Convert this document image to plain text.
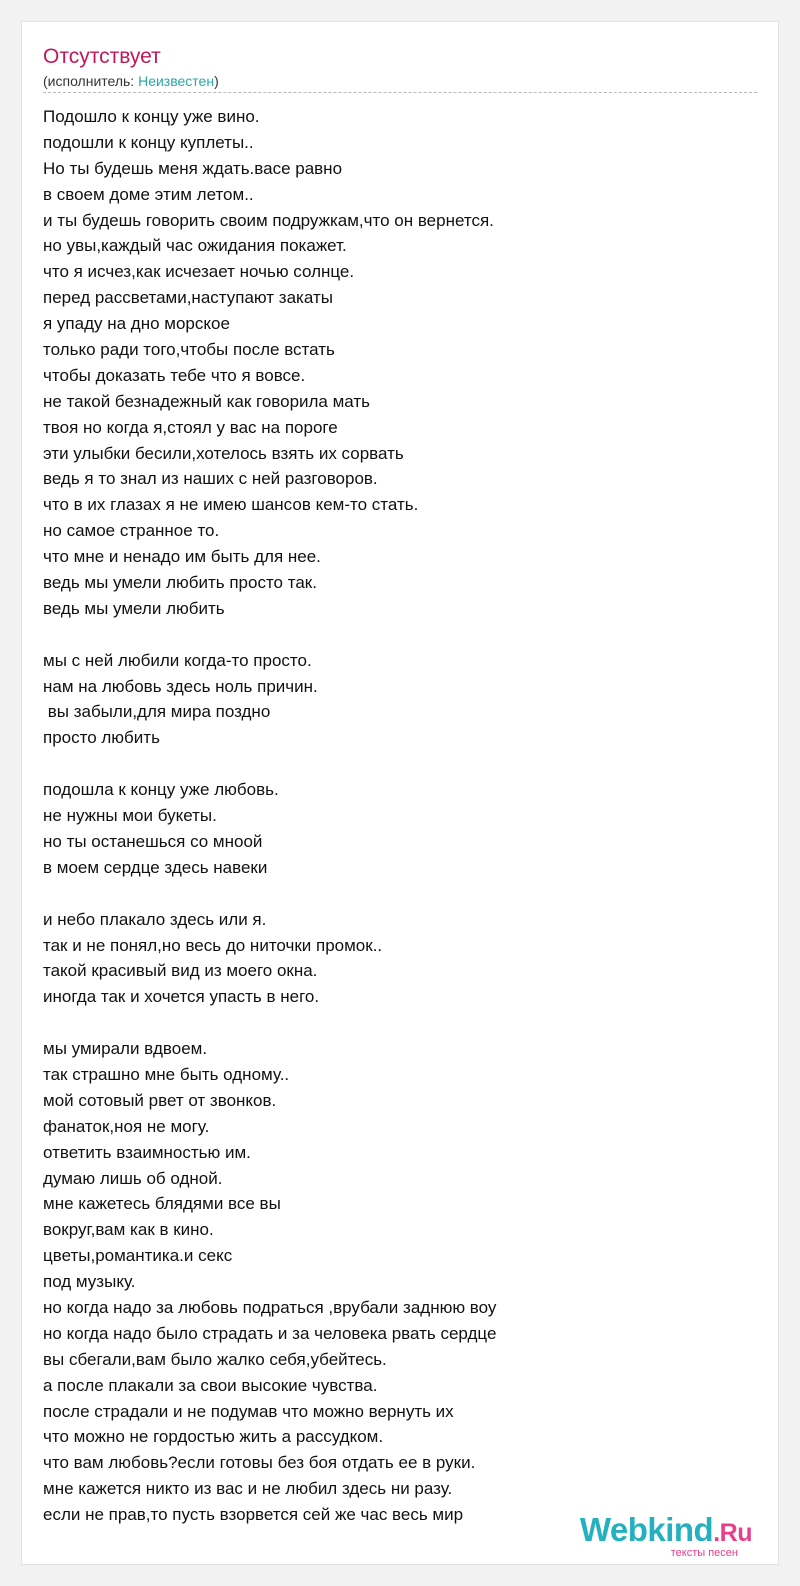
Отсутствует
(исполнитель: Неизвестен)
Подошло к концу уже вино.
подошли к концу куплеты..
Но ты будешь меня ждать.васе равно
в своем доме этим летом..
и ты будешь говорить своим подружкам,что он вернется.
но увы,каждый час ожидания покажет.
что я исчез,как исчезает ночью солнце.
перед рассветами,наступают закаты
я упаду на дно морское
только ради того,чтобы после встать
чтобы доказать тебе что я вовсе.
не такой безнадежный как говорила мать
твоя но когда я,стоял у вас на пороге
эти улыбки бесили,хотелось взять их сорвать
ведь я то знал из наших с ней разговоров.
что в их глазах я не имею шансов кем-то стать.
но самое странное то.
что мне и ненадо им быть для нее.
ведь мы умели любить просто так.
ведь мы умели любить
мы с ней любили когда-то просто.
нам на любовь здесь ноль причин.
вы забыли,для мира поздно
просто любить
подошла к концу уже любовь.
не нужны мои букеты.
но ты останешься со мноой
в моем сердце здесь навеки
и небо плакало здесь или я.
так и не понял,но весь до ниточки промок..
такой красивый вид из моего окна.
иногда так и хочется упасть в него.
мы умирали вдвоем.
так страшно мне быть одному..
мой сотовый рвет от звонков.
фанаток,ноя не могу.
ответить взаимностью им.
думаю лишь об одной.
мне кажетесь блядями все вы
вокруг,вам как в кино.
цветы,романтика.и секс
под музыку.
но когда надо за любовь подраться ,врубали заднюю воу
но когда надо было страдать и за человека рвать сердце
вы сбегали,вам было жалко себя,убейтесь.
а после плакали за свои высокие чувства.
после страдали и не подумав что можно вернуть их
что можно не гордостью жить а рассудком.
что вам любовь?если готовы без боя отдать ее в руки.
мне кажется никто из вас и не любил здесь ни разу.
если не прав,то пусть взорвется сей же час весь мир	Webkind.Ru
тексты песен
